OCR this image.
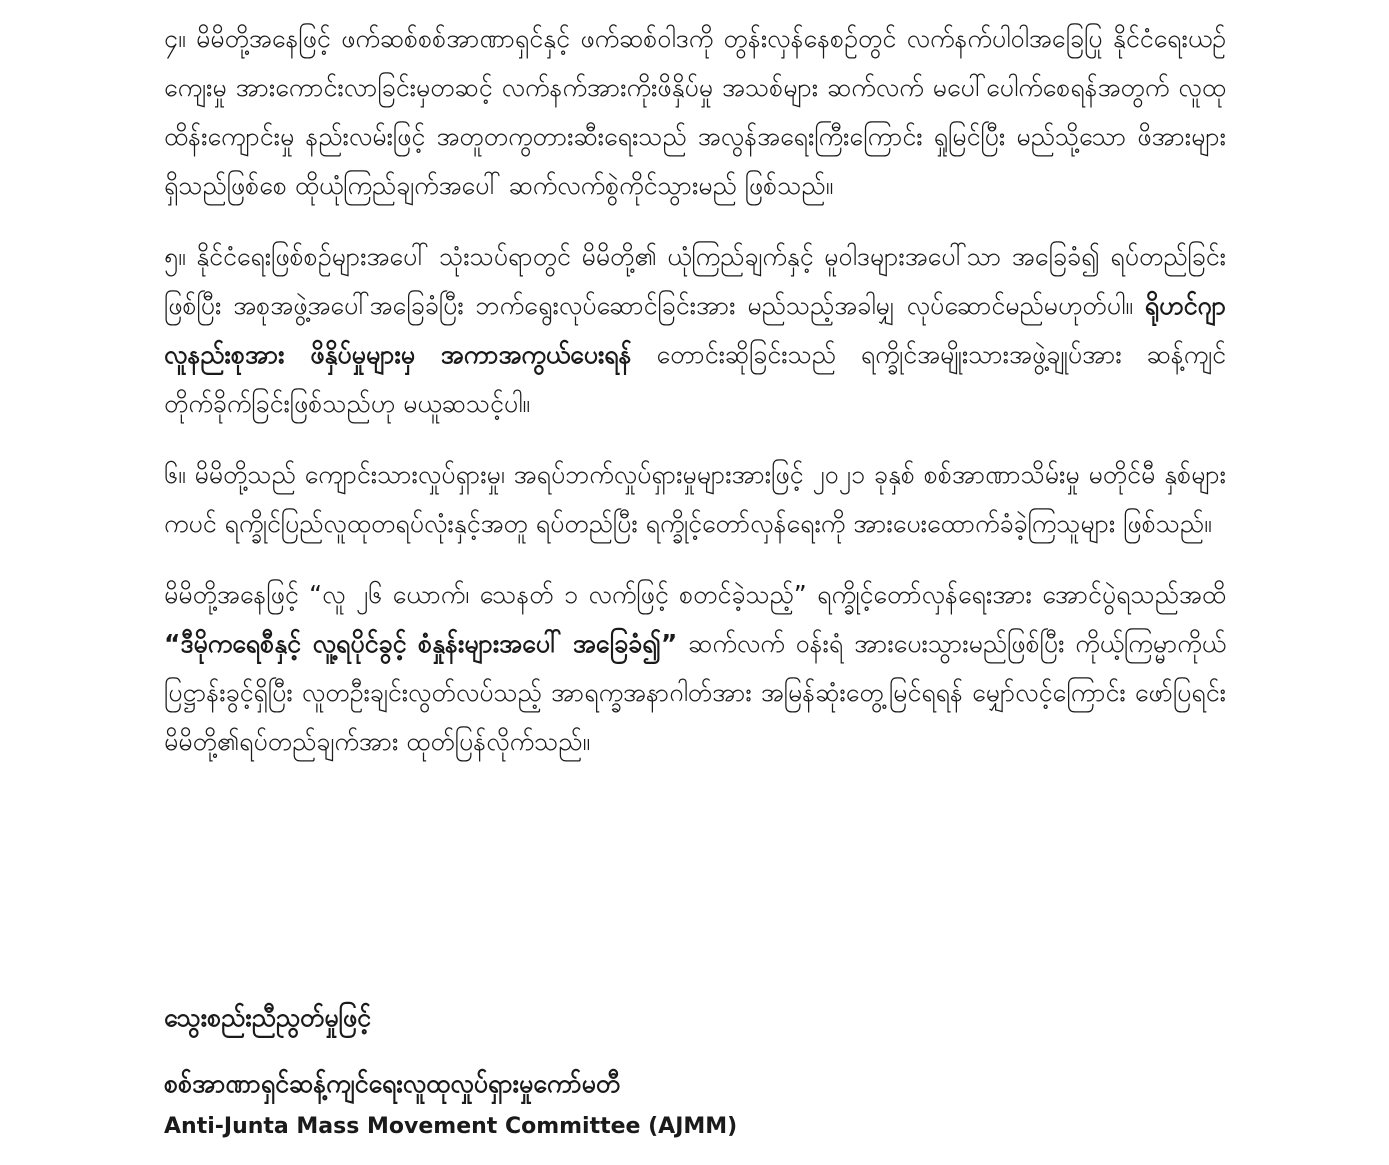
၄။ မိမိတို့အနေဖြင့် ဖက်ဆစ်စစ်အာဏာရှင်နှင့် ဖက်ဆစ်ဝါဒကို တွန်းလှန်နေစဥ်တွင် လက်နက်ပါဝါအခြေပြု နိုင်ငံရေးယဥ်ကျေးမှု အားကောင်းလာခြင်းမှတဆင့် လက်နက်အားကိုးဖိနှိပ်မှု အသစ်များ ဆက်လက် မပေါ်ပေါက်စေရန်အတွက် လူထုထိန်းကျောင်းမှု နည်းလမ်းဖြင့် အတူတကွတားဆီးရေးသည် အလွန်အရေးကြီးကြောင်း ရှုမြင်ပြီး မည်သို့သော ဖိအားများ ရှိသည်ဖြစ်စေ ထိုယုံကြည်ချက်အပေါ် ဆက်လက်စွဲကိုင်သွားမည် ဖြစ်သည်။

၅။ နိုင်ငံရေးဖြစ်စဥ်များအပေါ် သုံးသပ်ရာတွင် မိမိတို့၏ ယုံကြည်ချက်နှင့် မူဝါဒများအပေါ်သာ အခြေခံ၍ ရပ်တည်ခြင်းဖြစ်ပြီး အစုအဖွဲ့အပေါ်အခြေခံပြီး ဘက်ရွေးလုပ်ဆောင်ခြင်းအား မည်သည့်အခါမျှ လုပ်ဆောင်မည်မဟုတ်ပါ။ ရိုဟင်ဂျာလူနည်းစုအား ဖိနှိပ်မှုများမှ အကာအကွယ်ပေးရန် တောင်းဆိုခြင်းသည် ရက္ခိုင်အမျိုးသားအဖွဲ့ချုပ်အား ဆန့်ကျင်တိုက်ခိုက်ခြင်းဖြစ်သည်ဟု မယူဆသင့်ပါ။

၆။ မိမိတို့သည် ကျောင်းသားလှုပ်ရှားမှု၊ အရပ်ဘက်လှုပ်ရှားမှုများအားဖြင့် ၂၀၂၁ ခုနှစ် စစ်အာဏာသိမ်းမှု မတိုင်မီ နှစ်များကပင် ရက္ခိုင်ပြည်လူထုတရပ်လုံးနှင့်အတူ ရပ်တည်ပြီး ရက္ခိုင့်တော်လှန်ရေးကို အားပေးထောက်ခံခဲ့ကြသူများ ဖြစ်သည်။

မိမိတို့အနေဖြင့် “လူ ၂၆ ယောက်၊ သေနတ် ၁ လက်ဖြင့် စတင်ခဲ့သည့်” ရက္ခိုင့်တော်လှန်ရေးအား အောင်ပွဲရသည်အထိ “ဒီမိုကရေစီနှင့် လူ့ရပိုင်ခွင့် စံနှုန်းများအပေါ် အခြေခံ၍” ဆက်လက် ဝန်းရံ အားပေးသွားမည်ဖြစ်ပြီး ကိုယ့်ကြမ္မာကိုယ် ပြဋ္ဌာန်းခွင့်ရှိပြီး လူတဦးချင်းလွတ်လပ်သည့် အာရက္ခအနာဂါတ်အား အမြန်ဆုံးတွေ့မြင်ရရန် မျှော်လင့်ကြောင်း ဖော်ပြရင်း မိမိတို့၏ရပ်တည်ချက်အား ထုတ်ပြန်လိုက်သည်။

သွေးစည်းညီညွတ်မှုဖြင့်

စစ်အာဏာရှင်ဆန့်ကျင်ရေးလူထုလှုပ်ရှားမှုကော်မတီ

Anti-Junta Mass Movement Committee (AJMM)
